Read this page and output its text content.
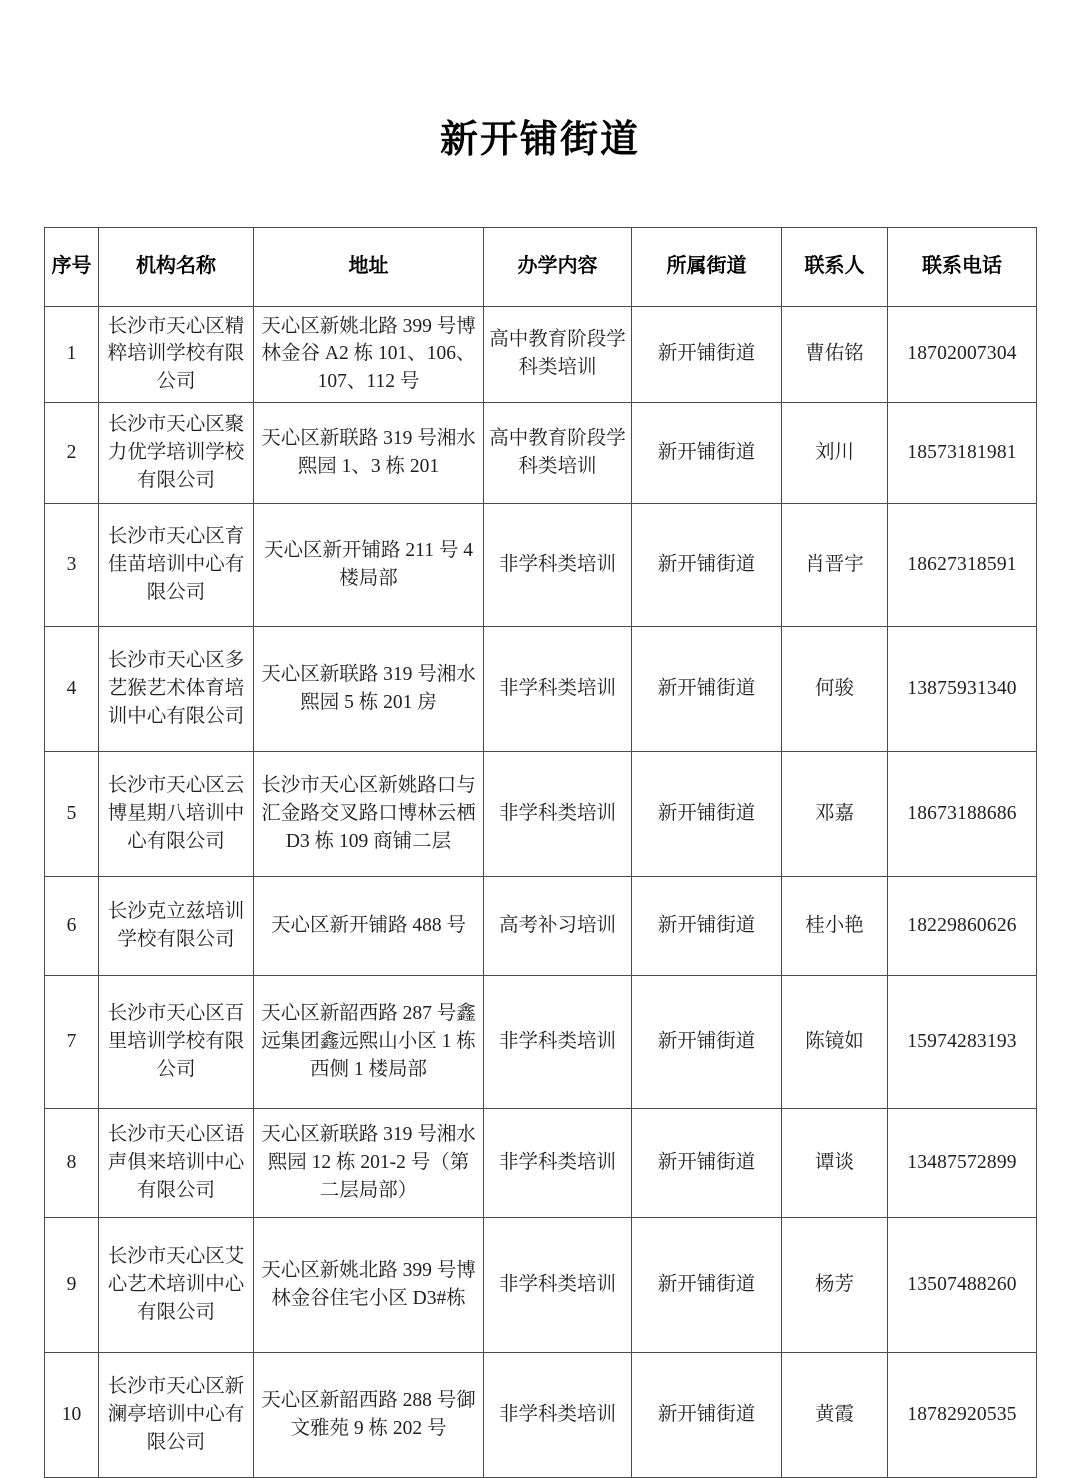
新开铺街道
序号	机构名称	地址	办学内容	所属街道	联系人	联系电话
1	长沙市天心区精粹培训学校有限公司	天心区新姚北路 399 号博林金谷 A2 栋 101、106、107、112 号	高中教育阶段学科类培训	新开铺街道	曹佑铭	18702007304
2	长沙市天心区聚力优学培训学校有限公司	天心区新联路 319 号湘水熙园 1、3 栋 201	高中教育阶段学科类培训	新开铺街道	刘川	18573181981
3	长沙市天心区育佳苗培训中心有限公司	天心区新开铺路 211 号 4 楼局部	非学科类培训	新开铺街道	肖晋宇	18627318591
4	长沙市天心区多艺猴艺术体育培训中心有限公司	天心区新联路 319 号湘水熙园 5 栋 201 房	非学科类培训	新开铺街道	何骏	13875931340
5	长沙市天心区云博星期八培训中心有限公司	长沙市天心区新姚路口与汇金路交叉路口博林云栖 D3 栋 109 商铺二层	非学科类培训	新开铺街道	邓嘉	18673188686
6	长沙克立兹培训学校有限公司	天心区新开铺路 488 号	高考补习培训	新开铺街道	桂小艳	18229860626
7	长沙市天心区百里培训学校有限公司	天心区新韶西路 287 号鑫远集团鑫远熙山小区 1 栋西侧 1 楼局部	非学科类培训	新开铺街道	陈镜如	15974283193
8	长沙市天心区语声俱来培训中心有限公司	天心区新联路 319 号湘水熙园 12 栋 201-2 号（第二层局部）	非学科类培训	新开铺街道	谭谈	13487572899
9	长沙市天心区艾心艺术培训中心有限公司	天心区新姚北路 399 号博林金谷住宅小区 D3#栋	非学科类培训	新开铺街道	杨芳	13507488260
10	长沙市天心区新澜亭培训中心有限公司	天心区新韶西路 288 号御文雅苑 9 栋 202 号	非学科类培训	新开铺街道	黄霞	18782920535
